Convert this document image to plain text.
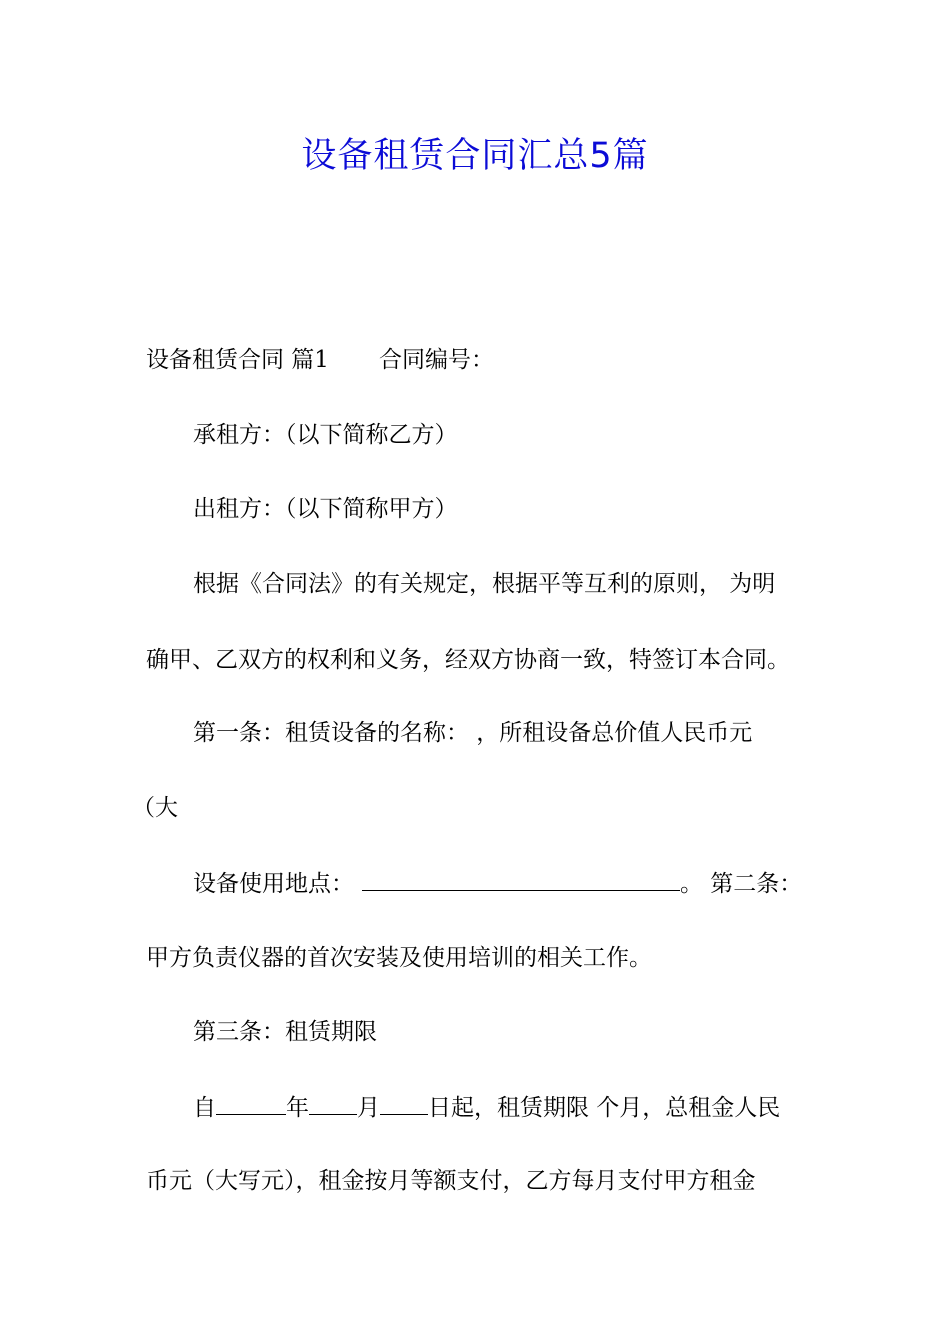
设备租赁合同汇总5篇
设备租赁合同 篇1 合同编号：
承租方：（以下简称乙方）
出租方：（以下简称甲方）
根据《合同法》的有关规定，根据平等互利的原则， 为明
确甲、乙双方的权利和义务，经双方协商一致，特签订本合同。
第一条：租赁设备的名称： ，所租设备总价值人民币元
（大
设备使用地点：	。 第二条：
甲方负责仪器的首次安装及使用培训的相关工作。
第三条：租赁期限
自	年 月 日起，租赁期限 个月，总租金人民
币元（大写元），租金按月等额支付，乙方每月支付甲方租金
